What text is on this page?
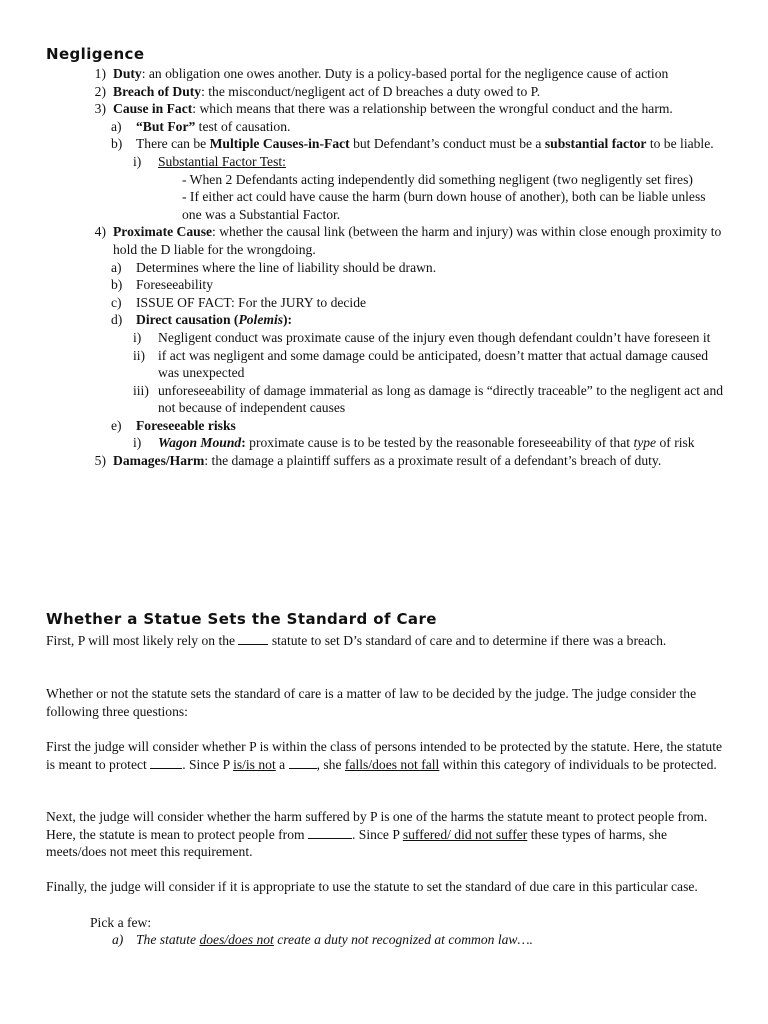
Negligence
1) Duty: an obligation one owes another. Duty is a policy-based portal for the negligence cause of action
2) Breach of Duty: the misconduct/negligent act of D breaches a duty owed to P.
3) Cause in Fact: which means that there was a relationship between the wrongful conduct and the harm.
a)	“But For” test of causation.
b)	There can be Multiple Causes-in-Fact but Defendant’s conduct must be a substantial factor to be liable.
i)	Substantial Factor Test:
- When 2 Defendants acting independently did something negligent (two negligently set fires)
- If either act could have cause the harm (burn down house of another), both can be liable unless one was a Substantial Factor.
4) Proximate Cause: whether the causal link (between the harm and injury) was within close enough proximity to hold the D liable for the wrongdoing.
a)	Determines where the line of liability should be drawn.
b)	Foreseeability
c)	ISSUE OF FACT: For the JURY to decide
d)	Direct causation (Polemis):
i)	Negligent conduct was proximate cause of the injury even though defendant couldn’t have foreseen it
ii) if act was negligent and some damage could be anticipated, doesn’t matter that actual damage caused was unexpected
iii) unforeseeability of damage immaterial as long as damage is “directly traceable” to the negligent act and not because of independent causes
e)	Foreseeable risks
i)	Wagon Mound: proximate cause is to be tested by the reasonable foreseeability of that type of risk
5) Damages/Harm: the damage a plaintiff suffers as a proximate result of a defendant’s breach of duty.
Whether a Statue Sets the Standard of Care
First, P will most likely rely on the  statute to set D’s standard of care and to determine if there was a breach.
Whether or not the statute sets the standard of care is a matter of law to be decided by the judge. The judge consider the following three questions:
First the judge will consider whether P is within the class of persons intended to be protected by the statute. Here, the statute is meant to protect . Since P is/is not a , she falls/does not fall within this category of individuals to be protected.
Next, the judge will consider whether the harm suffered by P is one of the harms the statute meant to protect people from. Here, the statute is mean to protect people from	. Since P suffered/ did not suffer these types of harms, she meets/does not meet this requirement.
Finally, the judge will consider if it is appropriate to use the statute to set the standard of due care in this particular case.
Pick a few:
a) The statute does/does not create a duty not recognized at common law….
